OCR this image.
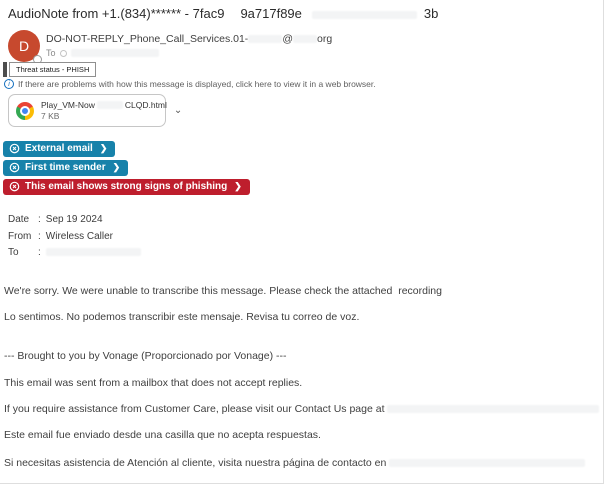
AudioNote from +1.(834)****** - 7fac9 9a717f89e	3b
D DO-NOT-REPLY_Phone_Call_Services.01-	@ org
To
Threat status - PHISH
i If there are problems with how this message is displayed, click here to view it in a web browser.
Play_VM-Now	CLQD.html
7 KB	⌄
External email ❯
First time sender ❯
This email shows strong signs of phishing ❯
Date : Sep 19 2024
From : Wireless Caller
To :

We're sorry. We were unable to transcribe this message. Please check the attached  recording

Lo sentimos. No podemos transcribir este mensaje. Revisa tu correo de voz.

--- Brought to you by Vonage (Proporcionado por Vonage) ---

This email was sent from a mailbox that does not accept replies.

If you require assistance from Customer Care, please visit our Contact Us page at

Este email fue enviado desde una casilla que no acepta respuestas.

Si necesitas asistencia de Atención al cliente, visita nuestra página de contacto en
